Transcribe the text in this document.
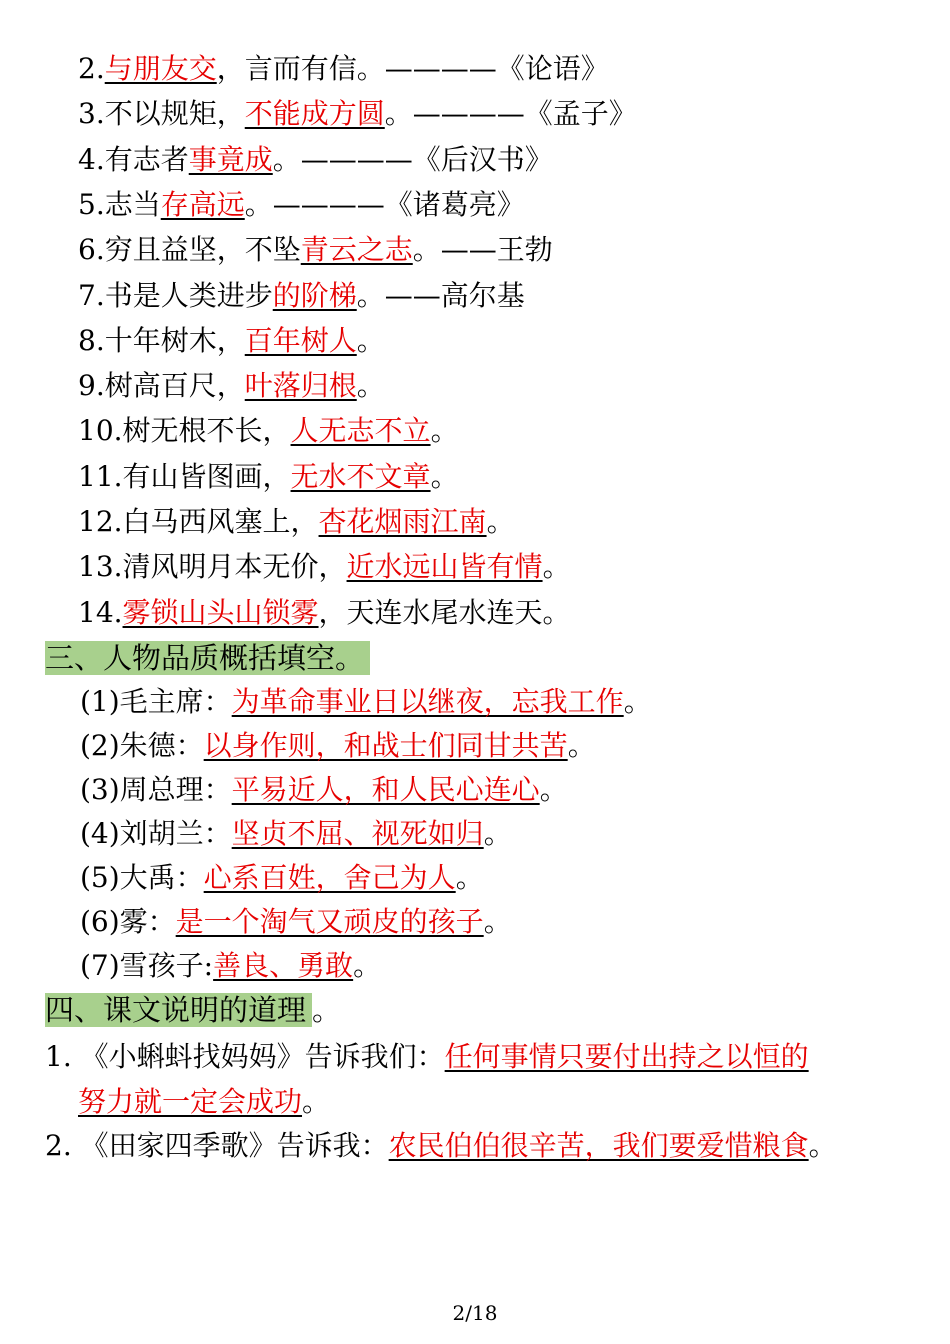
2.与朋友交，言而有信。————《论语》
3.不以规矩，不能成方圆。————《孟子》
4.有志者事竟成。————《后汉书》
5.志当存高远。————《诸葛亮》
6.穷且益坚，不坠青云之志。——王勃
7.书是人类进步的阶梯。——高尔基
8.十年树木，百年树人。
9.树高百尺，叶落归根。
10.树无根不长，人无志不立。
11.有山皆图画，无水不文章。
12.白马西风塞上，杏花烟雨江南。
13.清风明月本无价，近水远山皆有情。
14.雾锁山头山锁雾，天连水尾水连天。
三、人物品质概括填空。
(1)毛主席：为革命事业日以继夜，忘我工作。
(2)朱德：以身作则，和战士们同甘共苦。
(3)周总理：平易近人，和人民心连心。
(4)刘胡兰：坚贞不屈、视死如归。
(5)大禹：心系百姓，舍己为人。
(6)雾：是一个淘气又顽皮的孩子。
(7)雪孩子:善良、勇敢。
四、课文说明的道理 。
1. 《小蝌蚪找妈妈》告诉我们：任何事情只要付出持之以恒的
努力就一定会成功。
2. 《田家四季歌》告诉我：农民伯伯很辛苦，我们要爱惜粮食。
2/18
